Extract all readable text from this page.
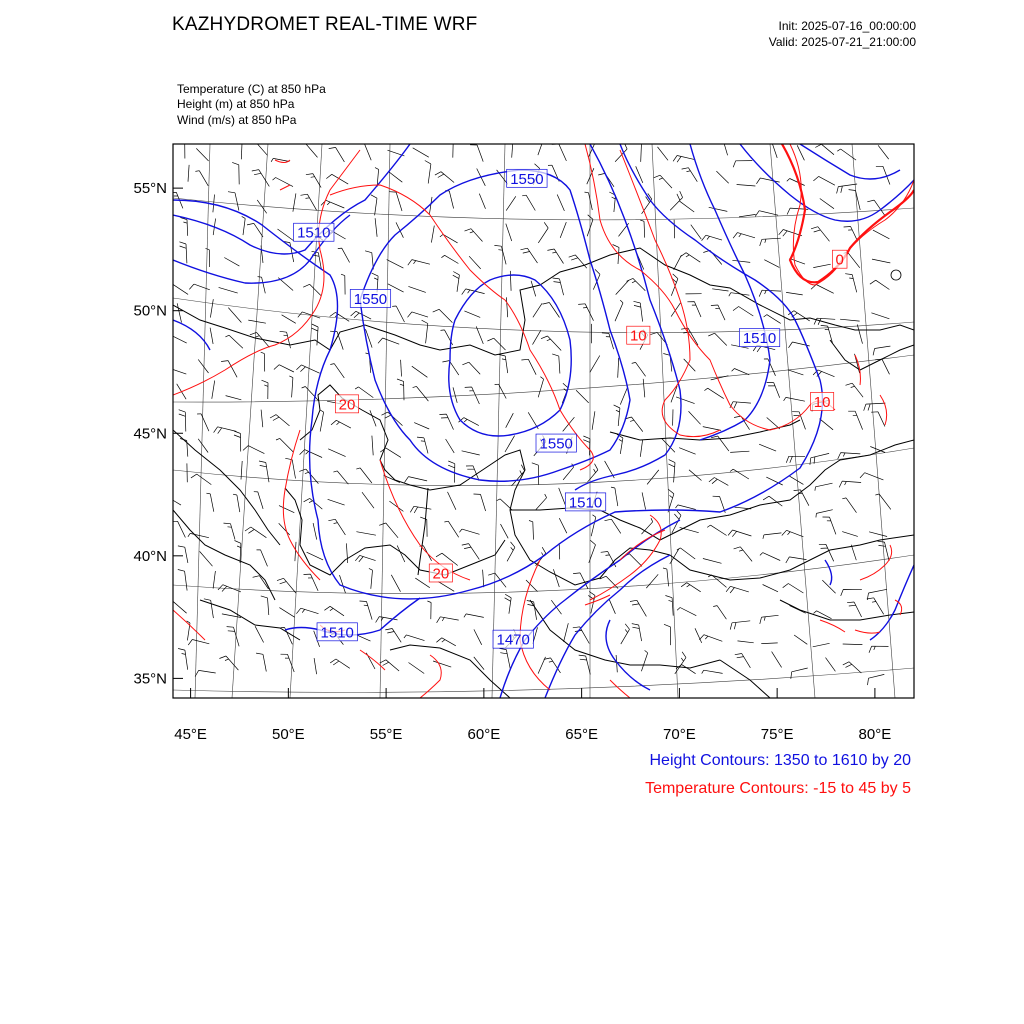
KAZHYDROMET REAL-TIME WRF	Init: 2025-07-16_00:00:00
Valid: 2025-07-21_21:00:00
Temperature (C) at 850 hPa
Height (m) at 850 hPa
Wind (m/s) at 850 hPa
1550
1510
1550
1510
1550
1510
1510	1470
0
10
10
20
20
55°N
50°N
45°N
40°N
35°N
45°E	50°E	55°E	60°E	65°E	70°E	75°E	80°E
Height Contours: 1350 to 1610 by 20
Temperature Contours: -15 to 45 by 5
